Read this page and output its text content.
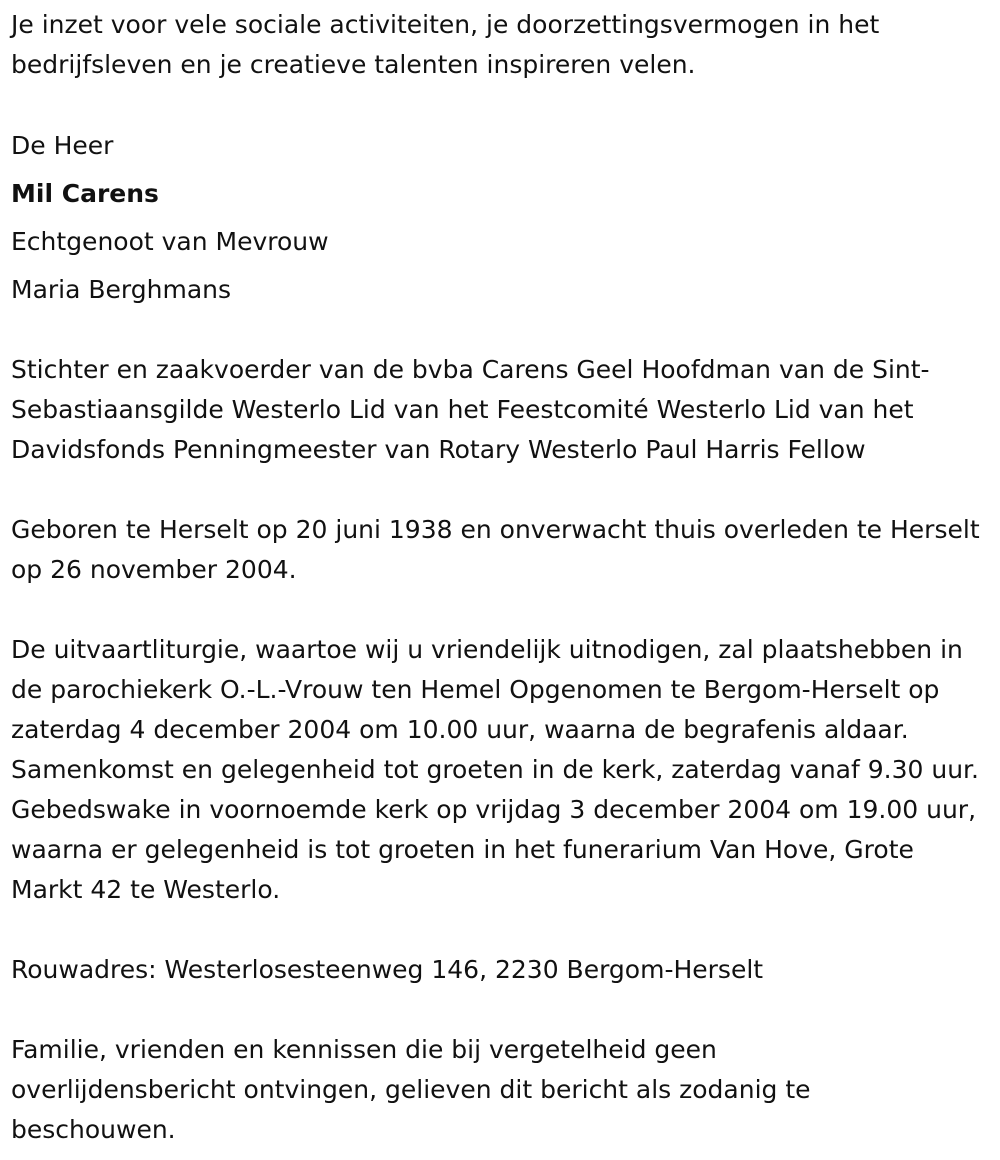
Je inzet voor vele sociale activiteiten, je doorzettingsvermogen in het bedrijfsleven en je creatieve talenten inspireren velen.

De Heer

Mil Carens

Echtgenoot van Mevrouw

Maria Berghmans

Stichter en zaakvoerder van de bvba Carens Geel Hoofdman van de Sint-Sebastiaansgilde Westerlo Lid van het Feestcomité Westerlo Lid van het Davidsfonds Penningmeester van Rotary Westerlo Paul Harris Fellow

Geboren te Herselt op 20 juni 1938 en onverwacht thuis overleden te Herselt op 26 november 2004.

De uitvaartliturgie, waartoe wij u vriendelijk uitnodigen, zal plaatshebben in de parochiekerk O.-L.-Vrouw ten Hemel Opgenomen te Bergom-Herselt op zaterdag 4 december 2004 om 10.00 uur, waarna de begrafenis aldaar. Samenkomst en gelegenheid tot groeten in de kerk, zaterdag vanaf 9.30 uur. Gebedswake in voornoemde kerk op vrijdag 3 december 2004 om 19.00 uur, waarna er gelegenheid is tot groeten in het funerarium Van Hove, Grote Markt 42 te Westerlo.

Rouwadres: Westerlosesteenweg 146, 2230 Bergom-Herselt

Familie, vrienden en kennissen die bij vergetelheid geen overlijdensbericht ontvingen, gelieven dit bericht als zodanig te beschouwen.
